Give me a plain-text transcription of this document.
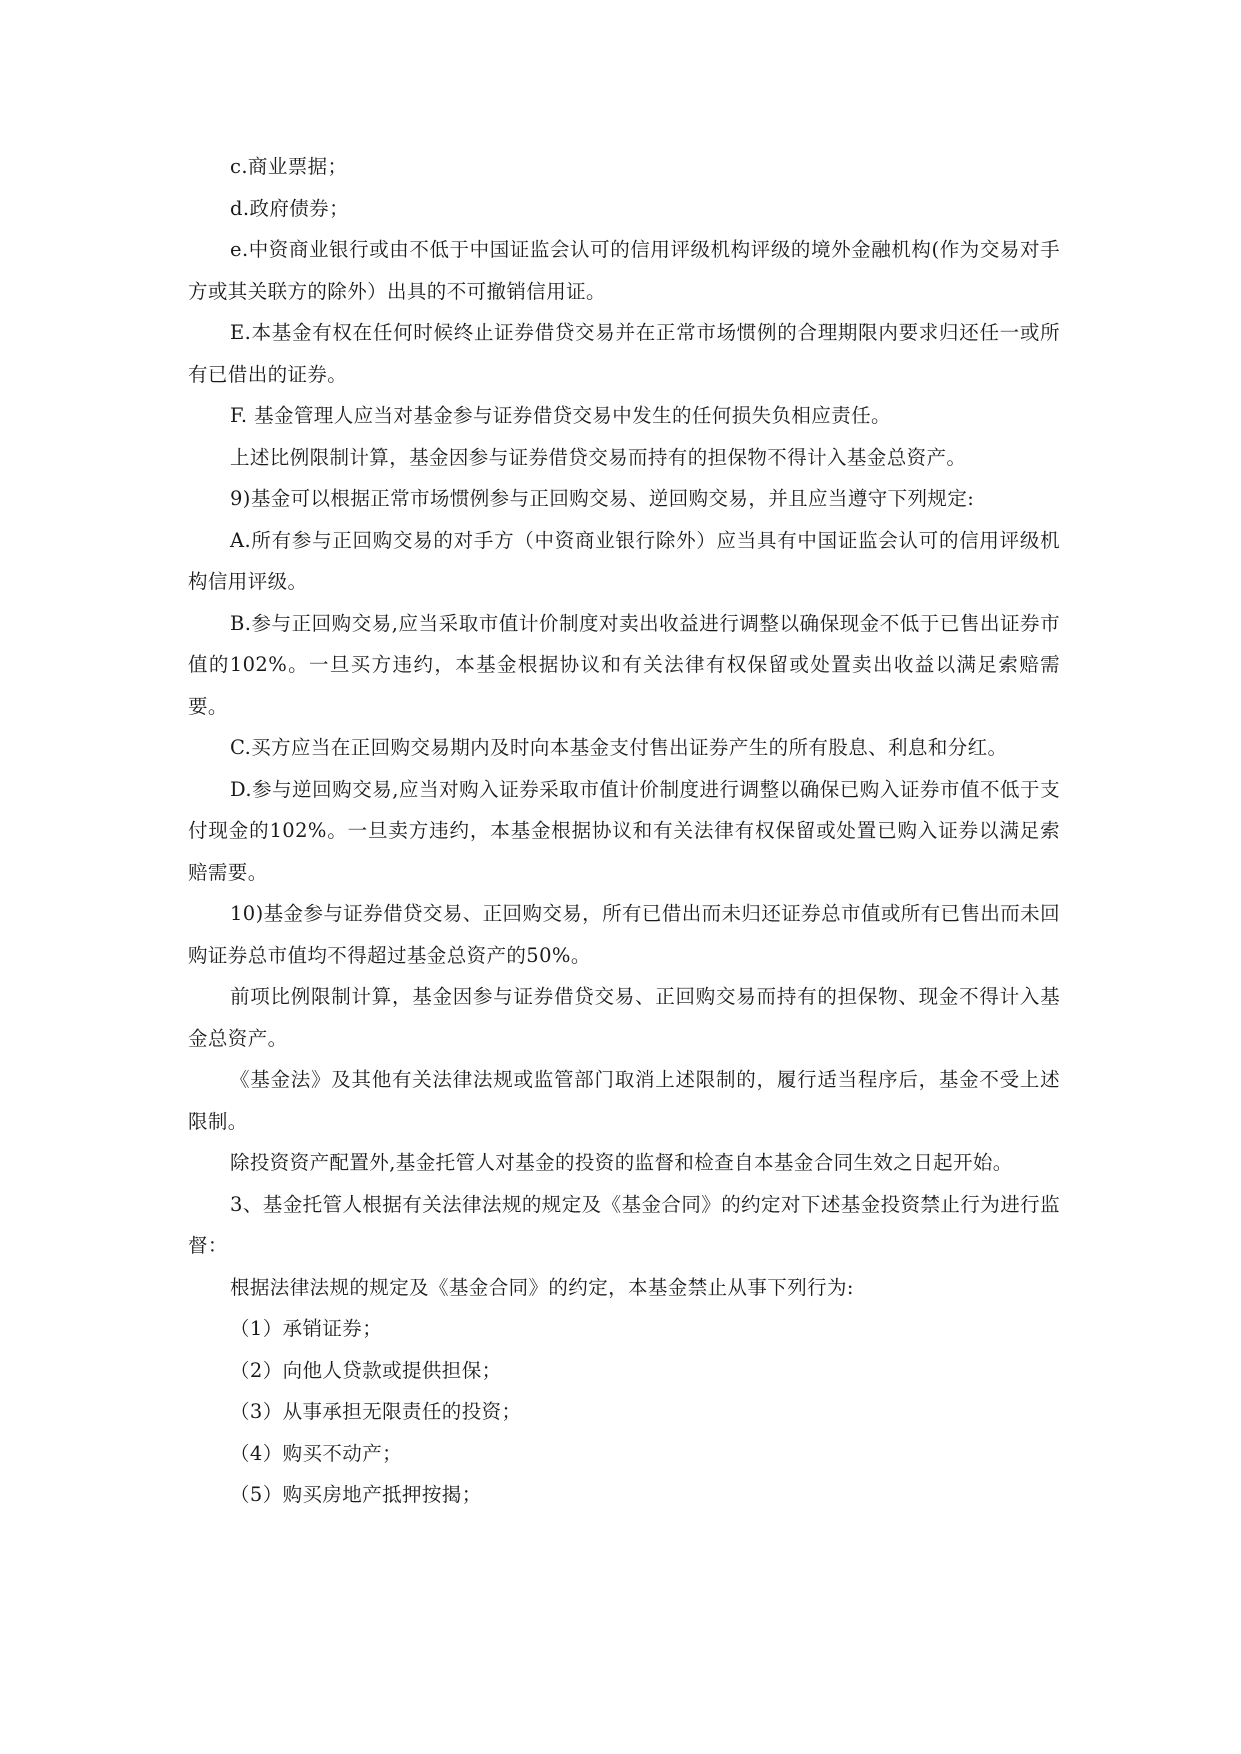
c.商业票据；

d.政府债券；

e.中资商业银行或由不低于中国证监会认可的信用评级机构评级的境外金融机构(作为交易对手方或其关联方的除外）出具的不可撤销信用证。

E.本基金有权在任何时候终止证券借贷交易并在正常市场惯例的合理期限内要求归还任一或所有已借出的证券。

F. 基金管理人应当对基金参与证券借贷交易中发生的任何损失负相应责任。

上述比例限制计算，基金因参与证券借贷交易而持有的担保物不得计入基金总资产。

9)基金可以根据正常市场惯例参与正回购交易、逆回购交易，并且应当遵守下列规定:

A.所有参与正回购交易的对手方（中资商业银行除外）应当具有中国证监会认可的信用评级机构信用评级。

B.参与正回购交易,应当采取市值计价制度对卖出收益进行调整以确保现金不低于已售出证券市值的102%。一旦买方违约，本基金根据协议和有关法律有权保留或处置卖出收益以满足索赔需要。

C.买方应当在正回购交易期内及时向本基金支付售出证券产生的所有股息、利息和分红。

D.参与逆回购交易,应当对购入证券采取市值计价制度进行调整以确保已购入证券市值不低于支付现金的102%。一旦卖方违约，本基金根据协议和有关法律有权保留或处置已购入证券以满足索赔需要。

10)基金参与证券借贷交易、正回购交易，所有已借出而未归还证券总市值或所有已售出而未回购证券总市值均不得超过基金总资产的50%。

前项比例限制计算，基金因参与证券借贷交易、正回购交易而持有的担保物、现金不得计入基金总资产。

《基金法》及其他有关法律法规或监管部门取消上述限制的，履行适当程序后，基金不受上述限制。

除投资资产配置外,基金托管人对基金的投资的监督和检查自本基金合同生效之日起开始。

3、基金托管人根据有关法律法规的规定及《基金合同》的约定对下述基金投资禁止行为进行监督：

根据法律法规的规定及《基金合同》的约定，本基金禁止从事下列行为:

（1）承销证券；

（2）向他人贷款或提供担保；

（3）从事承担无限责任的投资；

（4）购买不动产；

（5）购买房地产抵押按揭；
